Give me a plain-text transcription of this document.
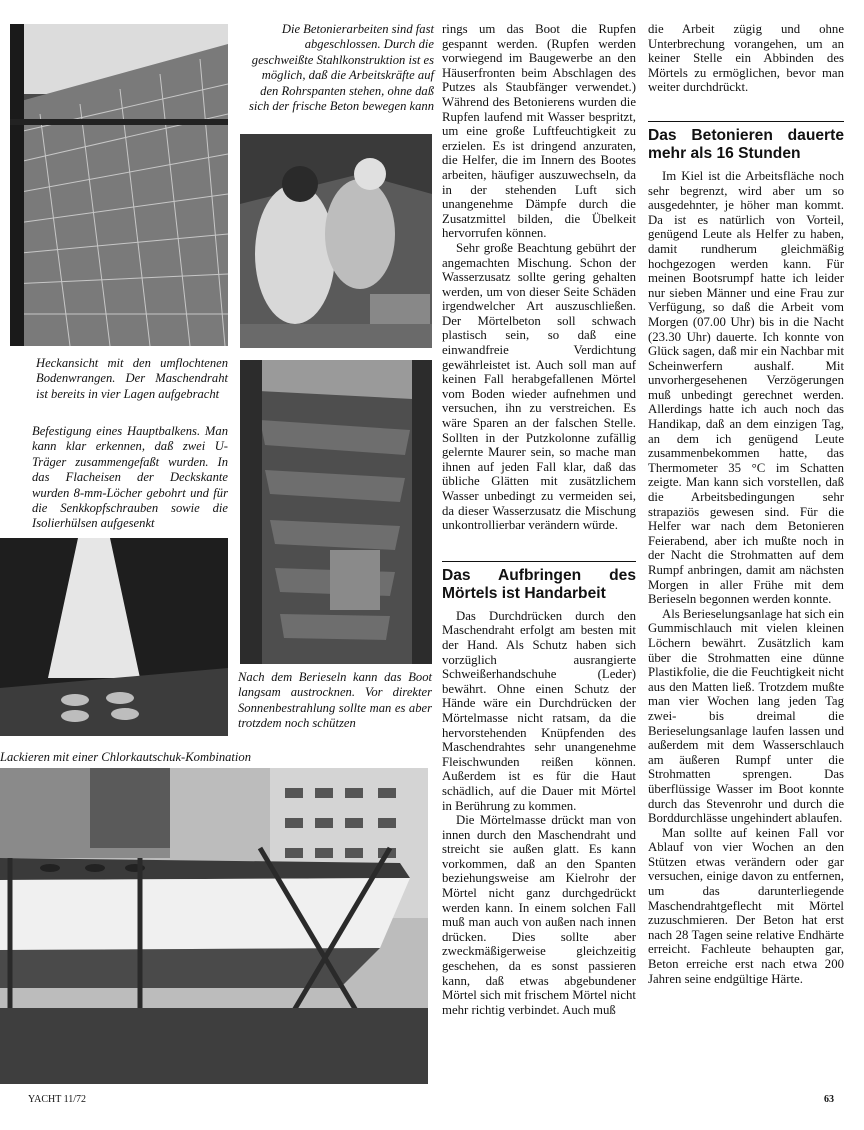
Die Betonierarbeiten sind fast abgeschlossen. Durch die geschweißte Stahlkonstruktion ist es möglich, daß die Arbeitskräfte auf den Rohrspanten stehen, ohne daß sich der frische Beton bewegen kann

Heckansicht mit den umflochtenen Bodenwrangen. Der Maschendraht ist bereits in vier Lagen aufgebracht

Befestigung eines Hauptbalkens. Man kann klar erkennen, daß zwei U-Träger zusammengefaßt wurden. In das Flacheisen der Deckskante wurden 8-mm-Löcher gebohrt und für die Senkkopfschrauben sowie die Isolierhülsen aufgesenkt

Nach dem Berieseln kann das Boot langsam austrocknen. Vor direkter Sonnenbestrahlung sollte man es aber trotzdem noch schützen

Lackieren mit einer Chlorkautschuk-Kombination

rings um das Boot die Rupfen gespannt werden. (Rupfen werden vorwiegend im Baugewerbe an den Häuserfronten beim Abschlagen des Putzes als Staubfänger verwendet.) Während des Betonierens wurden die Rupfen laufend mit Wasser bespritzt, um eine große Luftfeuchtigkeit zu erzielen. Es ist dringend anzuraten, die Helfer, die im Innern des Bootes arbeiten, häufiger auszuwechseln, da in der stehenden Luft sich unangenehme Dämpfe durch die Zusatzmittel bilden, die Übelkeit hervorrufen können.

Sehr große Beachtung gebührt der angemachten Mischung. Schon der Wasserzusatz sollte gering gehalten werden, um von dieser Seite Schäden irgendwelcher Art auszuschließen. Der Mörtelbeton soll schwach plastisch sein, so daß eine einwandfreie Verdichtung gewährleistet ist. Auch soll man auf keinen Fall herabgefallenen Mörtel vom Boden wieder aufnehmen und versuchen, ihn zu verstreichen. Es wäre Sparen an der falschen Stelle. Sollten in der Putzkolonne zufällig gelernte Maurer sein, so mache man ihnen auf jeden Fall klar, daß das übliche Glätten mit zusätzlichem Wasser unbedingt zu vermeiden sei, da dieser Wasserzusatz die Mischung unkontrollierbar verändern würde.

Das Aufbringen des Mörtels ist Handarbeit

Das Durchdrücken durch den Maschendraht erfolgt am besten mit der Hand. Als Schutz haben sich vorzüglich ausrangierte Schweißerhandschuhe (Leder) bewährt. Ohne einen Schutz der Hände wäre ein Durchdrücken der Mörtelmasse nicht ratsam, da die hervorstehenden Knüpfenden des Maschendrahtes sehr unangenehme Fleischwunden reißen können. Außerdem ist es für die Haut schädlich, auf die Dauer mit Mörtel in Berührung zu kommen.

Die Mörtelmasse drückt man von innen durch den Maschendraht und streicht sie außen glatt. Es kann vorkommen, daß an den Spanten beziehungsweise am Kielrohr der Mörtel nicht ganz durchgedrückt werden kann. In einem solchen Fall muß man auch von außen nach innen drücken. Dies sollte aber zweckmäßigerweise gleichzeitig geschehen, da es sonst passieren kann, daß etwas abgebundener Mörtel sich mit frischem Mörtel nicht mehr richtig verbindet. Auch muß

die Arbeit zügig und ohne Unterbrechung vorangehen, um an keiner Stelle ein Abbinden des Mörtels zu ermöglichen, bevor man weiter durchdrückt.

Das Betonieren dauerte mehr als 16 Stunden

Im Kiel ist die Arbeitsfläche noch sehr begrenzt, wird aber um so ausgedehnter, je höher man kommt. Da ist es natürlich von Vorteil, genügend Leute als Helfer zu haben, damit rundherum gleichmäßig hochgezogen werden kann. Für meinen Bootsrumpf hatte ich leider nur sieben Männer und eine Frau zur Verfügung, so daß die Arbeit vom Morgen (07.00 Uhr) bis in die Nacht (23.30 Uhr) dauerte. Ich konnte von Glück sagen, daß mir ein Nachbar mit Scheinwerfern aushalf. Mit unvorhergesehenen Verzögerungen muß unbedingt gerechnet werden. Allerdings hatte ich auch noch das Handikap, daß an dem einzigen Tag, an dem ich genügend Leute zusammenbekommen hatte, das Thermometer 35 °C im Schatten zeigte. Man kann sich vorstellen, daß die Arbeitsbedingungen sehr strapaziös gewesen sind. Für die Helfer war nach dem Betonieren Feierabend, aber ich mußte noch in der Nacht die Strohmatten auf dem Rumpf anbringen, damit am nächsten Morgen in aller Frühe mit dem Berieseln begonnen werden konnte.

Als Berieselungsanlage hat sich ein Gummischlauch mit vielen kleinen Löchern bewährt. Zusätzlich kam über die Strohmatten eine dünne Plastikfolie, die die Feuchtigkeit nicht aus den Matten ließ. Trotzdem mußte man vier Wochen lang jeden Tag zwei- bis dreimal die Berieselungsanlage laufen lassen und außerdem mit dem Wasserschlauch am äußeren Rumpf unter die Strohmatten sprengen. Das überflüssige Wasser im Boot konnte durch das Stevenrohr und durch die Borddurchlässe ungehindert ablaufen.

Man sollte auf keinen Fall vor Ablauf von vier Wochen an den Stützen etwas verändern oder gar versuchen, einige davon zu entfernen, um das darunterliegende Maschendrahtgeflecht mit Mörtel zuzuschmieren. Der Beton hat erst nach 28 Tagen seine relative Endhärte erreicht. Fachleute behaupten gar, Beton erreiche erst nach etwa 200 Jahren seine endgültige Härte.

YACHT 11/72	63
